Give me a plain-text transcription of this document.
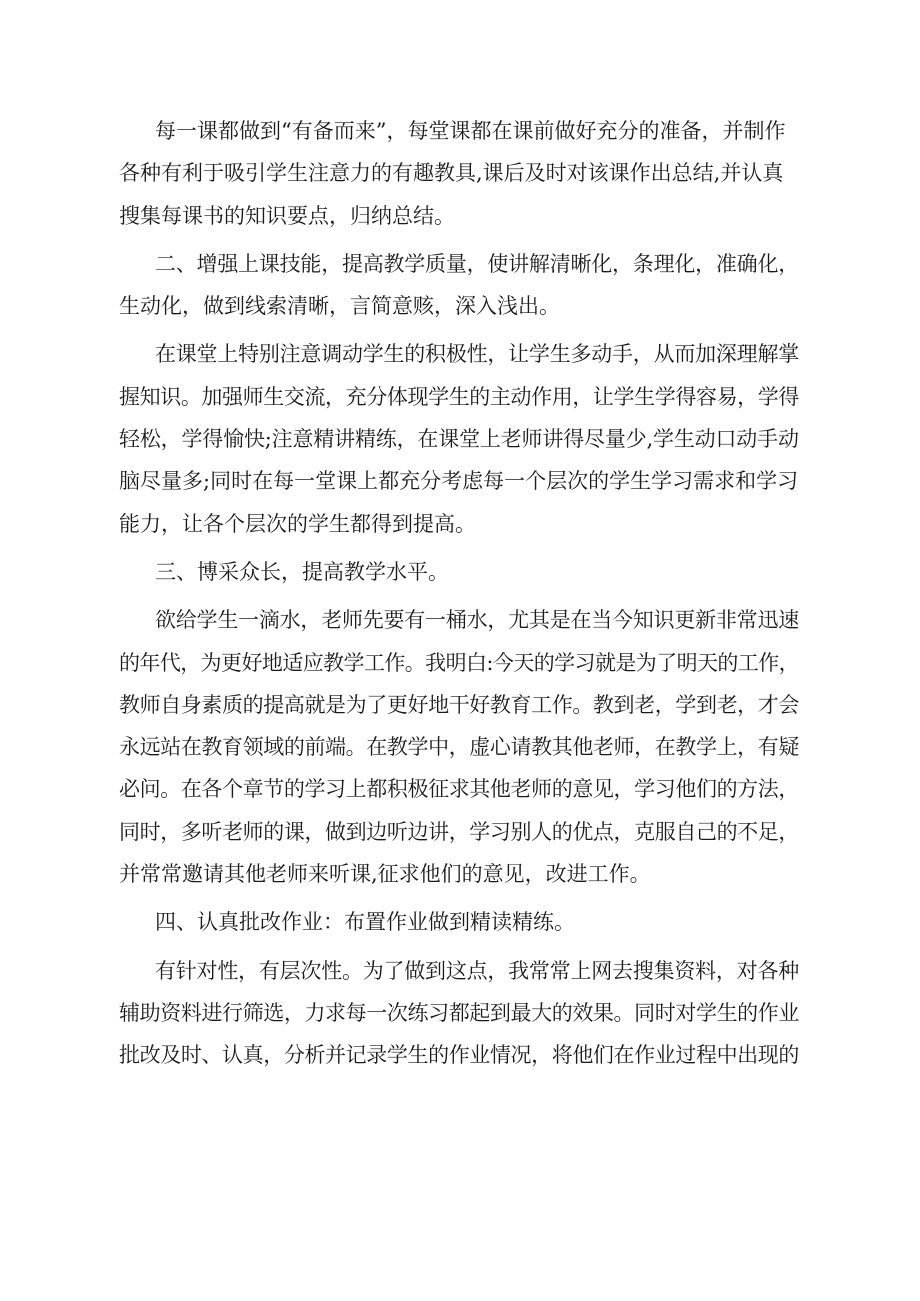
每一课都做到“有备而来”，每堂课都在课前做好充分的准备，并制作
各种有利于吸引学生注意力的有趣教具,课后及时对该课作出总结,并认真
搜集每课书的知识要点，归纳总结。

二、增强上课技能，提高教学质量，使讲解清晰化，条理化，准确化，
生动化，做到线索清晰，言简意赅，深入浅出。

在课堂上特别注意调动学生的积极性，让学生多动手，从而加深理解掌
握知识。加强师生交流，充分体现学生的主动作用，让学生学得容易，学得
轻松，学得愉快;注意精讲精练，在课堂上老师讲得尽量少,学生动口动手动
脑尽量多;同时在每一堂课上都充分考虑每一个层次的学生学习需求和学习
能力，让各个层次的学生都得到提高。

三、博采众长，提高教学水平。

欲给学生一滴水，老师先要有一桶水，尤其是在当今知识更新非常迅速
的年代，为更好地适应教学工作。我明白:今天的学习就是为了明天的工作，
教师自身素质的提高就是为了更好地干好教育工作。教到老，学到老，才会
永远站在教育领域的前端。在教学中，虚心请教其他老师，在教学上，有疑
必问。在各个章节的学习上都积极征求其他老师的意见，学习他们的方法，
同时，多听老师的课，做到边听边讲，学习别人的优点，克服自己的不足，
并常常邀请其他老师来听课,征求他们的意见，改进工作。

四、认真批改作业：布置作业做到精读精练。

有针对性，有层次性。为了做到这点，我常常上网去搜集资料，对各种
辅助资料进行筛选，力求每一次练习都起到最大的效果。同时对学生的作业
批改及时、认真，分析并记录学生的作业情况，将他们在作业过程中出现的
